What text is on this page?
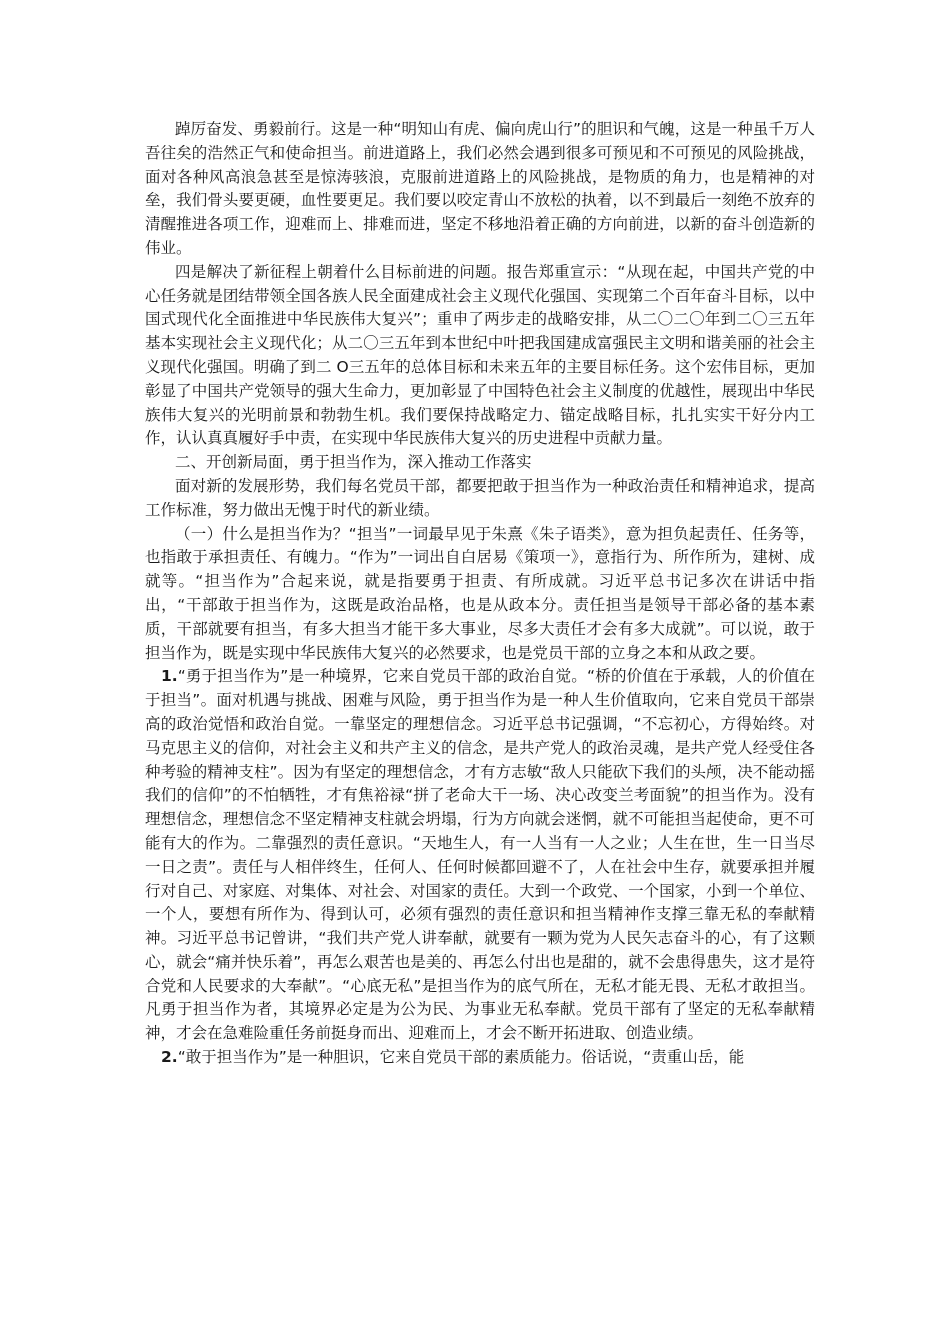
踔厉奋发、勇毅前行。这是一种“明知山有虎、偏向虎山行”的胆识和气魄，这是一种虽千万人吾往矣的浩然正气和使命担当。前进道路上，我们必然会遇到很多可预见和不可预见的风险挑战，面对各种风高浪急甚至是惊涛骇浪，克服前进道路上的风险挑战，是物质的角力，也是精神的对垒，我们骨头要更硬，血性要更足。我们要以咬定青山不放松的执着，以不到最后一刻绝不放弃的清醒推进各项工作，迎难而上、排难而进，坚定不移地沿着正确的方向前进，以新的奋斗创造新的伟业。

四是解决了新征程上朝着什么目标前进的问题。报告郑重宣示：“从现在起，中国共产党的中心任务就是团结带领全国各族人民全面建成社会主义现代化强国、实现第二个百年奋斗目标，以中国式现代化全面推进中华民族伟大复兴”；重申了两步走的战略安排，从二〇二〇年到二〇三五年基本实现社会主义现代化；从二〇三五年到本世纪中叶把我国建成富强民主文明和谐美丽的社会主义现代化强国。明确了到二 O三五年的总体目标和未来五年的主要目标任务。这个宏伟目标，更加彰显了中国共产党领导的强大生命力，更加彰显了中国特色社会主义制度的优越性，展现出中华民族伟大复兴的光明前景和勃勃生机。我们要保持战略定力、锚定战略目标，扎扎实实干好分内工作，认认真真履好手中责，在实现中华民族伟大复兴的历史进程中贡献力量。

二、开创新局面，勇于担当作为，深入推动工作落实

面对新的发展形势，我们每名党员干部，都要把敢于担当作为一种政治责任和精神追求，提高工作标准，努力做出无愧于时代的新业绩。

（一）什么是担当作为？“担当”一词最早见于朱熹《朱子语类》，意为担负起责任、任务等，也指敢于承担责任、有魄力。“作为”一词出自白居易《策项一》，意指行为、所作所为，建树、成就等。“担当作为”合起来说，就是指要勇于担责、有所成就。习近平总书记多次在讲话中指出，“干部敢于担当作为，这既是政治品格，也是从政本分。责任担当是领导干部必备的基本素质，干部就要有担当，有多大担当才能干多大事业，尽多大责任才会有多大成就”。可以说，敢于担当作为，既是实现中华民族伟大复兴的必然要求，也是党员干部的立身之本和从政之要。

1.“勇于担当作为”是一种境界，它来自党员干部的政治自觉。“桥的价值在于承载，人的价值在于担当”。面对机遇与挑战、困难与风险，勇于担当作为是一种人生价值取向，它来自党员干部崇高的政治觉悟和政治自觉。一靠坚定的理想信念。习近平总书记强调，“不忘初心，方得始终。对马克思主义的信仰，对社会主义和共产主义的信念，是共产党人的政治灵魂，是共产党人经受住各种考验的精神支柱”。因为有坚定的理想信念，才有方志敏“敌人只能砍下我们的头颅，决不能动摇我们的信仰”的不怕牺牲，才有焦裕禄“拼了老命大干一场、决心改变兰考面貌”的担当作为。没有理想信念，理想信念不坚定精神支柱就会坍塌，行为方向就会迷惘，就不可能担当起使命，更不可能有大的作为。二靠强烈的责任意识。“天地生人，有一人当有一人之业；人生在世，生一日当尽一日之责”。责任与人相伴终生，任何人、任何时候都回避不了，人在社会中生存，就要承担并履行对自己、对家庭、对集体、对社会、对国家的责任。大到一个政党、一个国家，小到一个单位、一个人，要想有所作为、得到认可，必须有强烈的责任意识和担当精神作支撑三靠无私的奉献精神。习近平总书记曾讲，“我们共产党人讲奉献，就要有一颗为党为人民矢志奋斗的心，有了这颗心，就会“痛并快乐着”，再怎么艰苦也是美的、再怎么付出也是甜的，就不会患得患失，这才是符合党和人民要求的大奉献”。“心底无私”是担当作为的底气所在，无私才能无畏、无私才敢担当。凡勇于担当作为者，其境界必定是为公为民、为事业无私奉献。党员干部有了坚定的无私奉献精神，才会在急难险重任务前挺身而出、迎难而上，才会不断开拓进取、创造业绩。

2.“敢于担当作为”是一种胆识，它来自党员干部的素质能力。俗话说，“责重山岳，能
